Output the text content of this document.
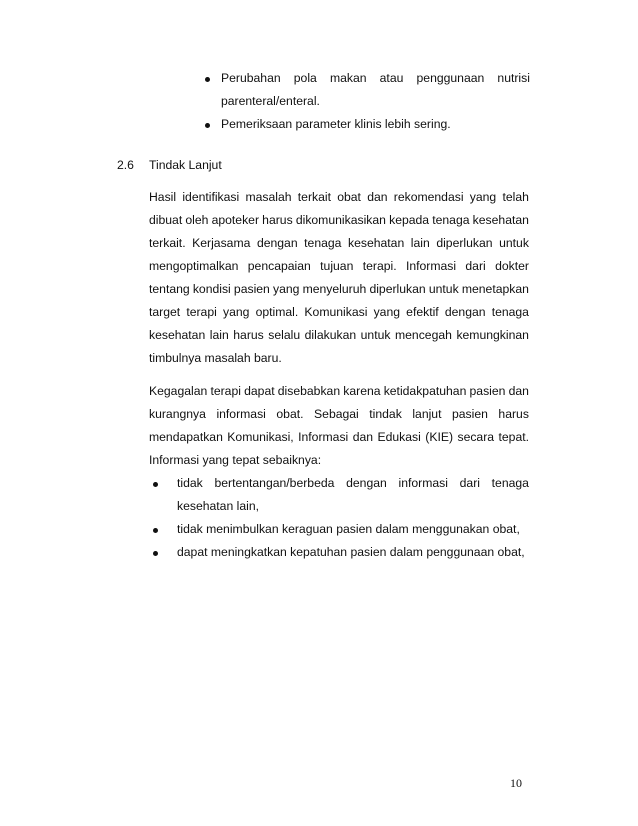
Perubahan pola makan atau penggunaan nutrisi
parenteral/enteral.
Pemeriksaan parameter klinis lebih sering.
2.6 Tindak Lanjut
Hasil identifikasi masalah terkait obat dan rekomendasi yang telah
dibuat oleh apoteker harus dikomunikasikan kepada tenaga kesehatan
terkait. Kerjasama dengan tenaga kesehatan lain diperlukan untuk
mengoptimalkan pencapaian tujuan terapi. Informasi dari dokter
tentang kondisi pasien yang menyeluruh diperlukan untuk menetapkan
target terapi yang optimal. Komunikasi yang efektif dengan tenaga
kesehatan lain harus selalu dilakukan untuk mencegah kemungkinan
timbulnya masalah baru.
Kegagalan terapi dapat disebabkan karena ketidakpatuhan pasien dan
kurangnya informasi obat. Sebagai tindak lanjut pasien harus
mendapatkan Komunikasi, Informasi dan Edukasi (KIE) secara tepat.
Informasi yang tepat sebaiknya:
tidak bertentangan/berbeda dengan informasi dari tenaga
kesehatan lain,
tidak menimbulkan keraguan pasien dalam menggunakan obat,
dapat meningkatkan kepatuhan pasien dalam penggunaan obat,
10
